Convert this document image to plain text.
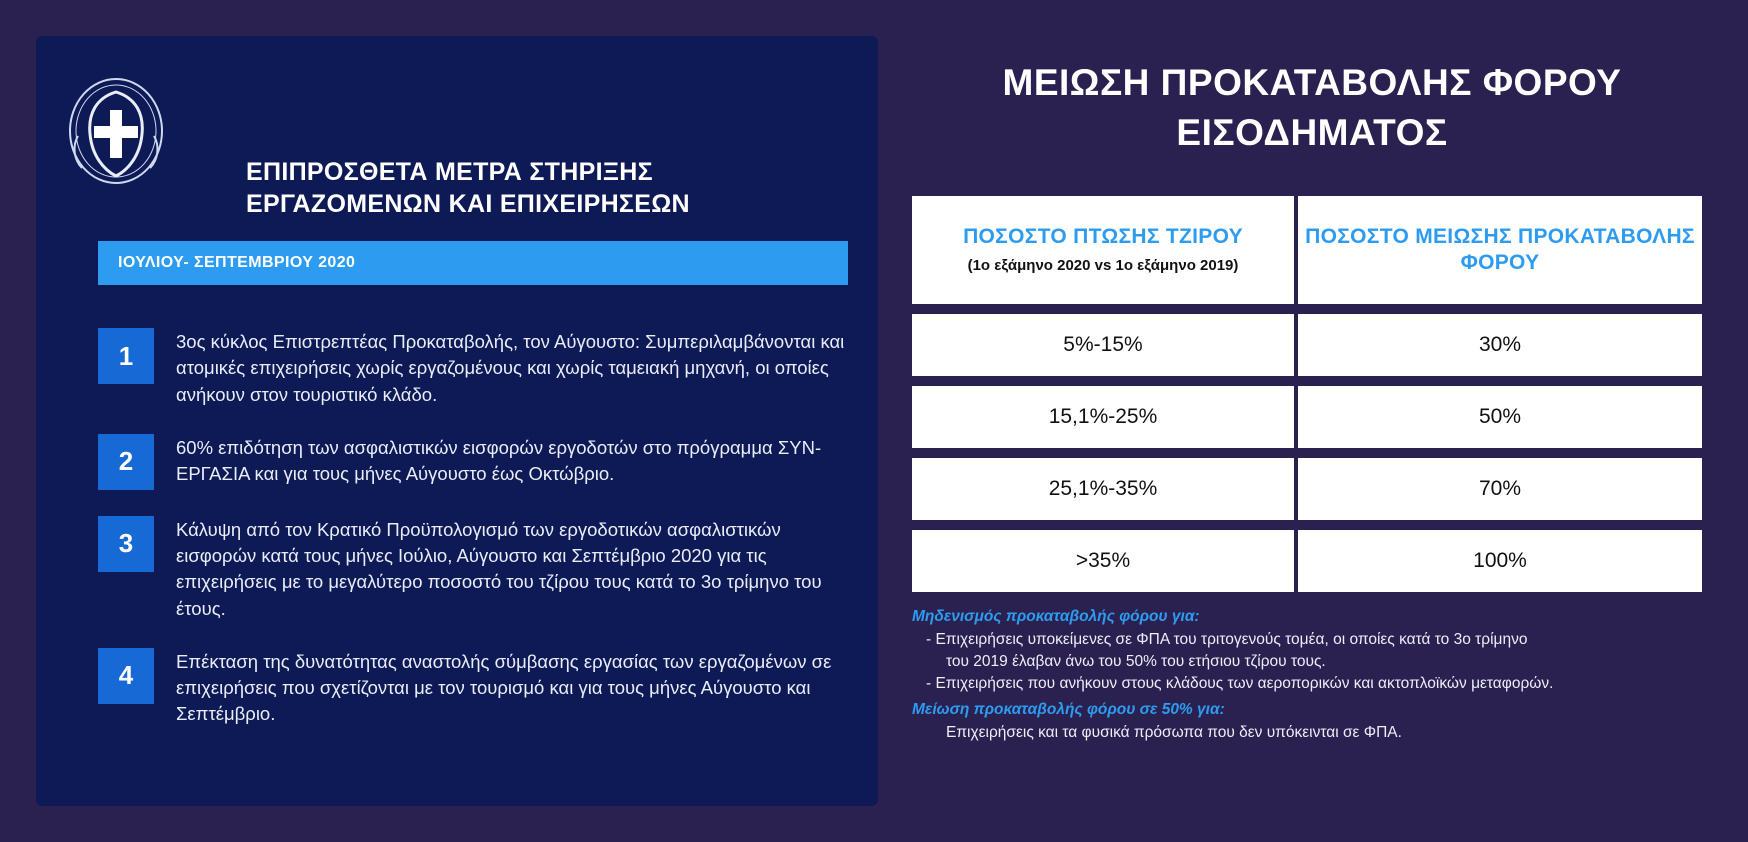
ΕΠΙΠΡΟΣΘΕΤΑ ΜΕΤΡΑ ΣΤΗΡΙΞΗΣ ΕΡΓΑΖΟΜΕΝΩΝ ΚΑΙ ΕΠΙΧΕΙΡΗΣΕΩΝ
ΙΟΥΛΙΟΥ- ΣΕΠΤΕΜΒΡΙΟΥ 2020
1	3ος κύκλος Επιστρεπτέας Προκαταβολής, τον Αύγουστο: Συμπεριλαμβάνονται και ατομικές επιχειρήσεις χωρίς εργαζομένους και χωρίς ταμειακή μηχανή, οι οποίες ανήκουν στον τουριστικό κλάδο.
2	60% επιδότηση των ασφαλιστικών εισφορών εργοδοτών στο πρόγραμμα ΣΥΝ-ΕΡΓΑΣΙΑ και για τους μήνες Αύγουστο έως Οκτώβριο.
3	Κάλυψη από τον Κρατικό Προϋπολογισμό των εργοδοτικών ασφαλιστικών εισφορών κατά τους μήνες Ιούλιο, Αύγουστο και Σεπτέμβριο 2020 για τις επιχειρήσεις με το μεγαλύτερο ποσοστό του τζίρου τους κατά το 3ο τρίμηνο του έτους.
4	Επέκταση της δυνατότητας αναστολής σύμβασης εργασίας των εργαζομένων σε επιχειρήσεις που σχετίζονται με τον τουρισμό και για τους μήνες Αύγουστο και Σεπτέμβριο.
ΜΕΙΩΣΗ ΠΡΟΚΑΤΑΒΟΛΗΣ ΦΟΡΟΥ ΕΙΣΟΔΗΜΑΤΟΣ
ΠΟΣΟΣΤΟ ΠΤΩΣΗΣ ΤΖΙΡΟΥ
(1ο εξάμηνο 2020 vs 1ο εξάμηνο 2019)
ΠΟΣΟΣΤΟ ΜΕΙΩΣΗΣ ΠΡΟΚΑΤΑΒΟΛΗΣ ΦΟΡΟΥ
5%-15%	30%
15,1%-25%	50%
25,1%-35%	70%
>35%	100%
Μηδενισμός προκαταβολής φόρου για:
- Επιχειρήσεις υποκείμενες σε ΦΠΑ του τριτογενούς τομέα, οι οποίες κατά το 3ο τρίμηνο
του 2019 έλαβαν άνω του 50% του ετήσιου τζίρου τους.
- Επιχειρήσεις που ανήκουν στους κλάδους των αεροπορικών και ακτοπλοϊκών μεταφορών.
Μείωση προκαταβολής φόρου σε 50% για:
Επιχειρήσεις και τα φυσικά πρόσωπα που δεν υπόκεινται σε ΦΠΑ.
